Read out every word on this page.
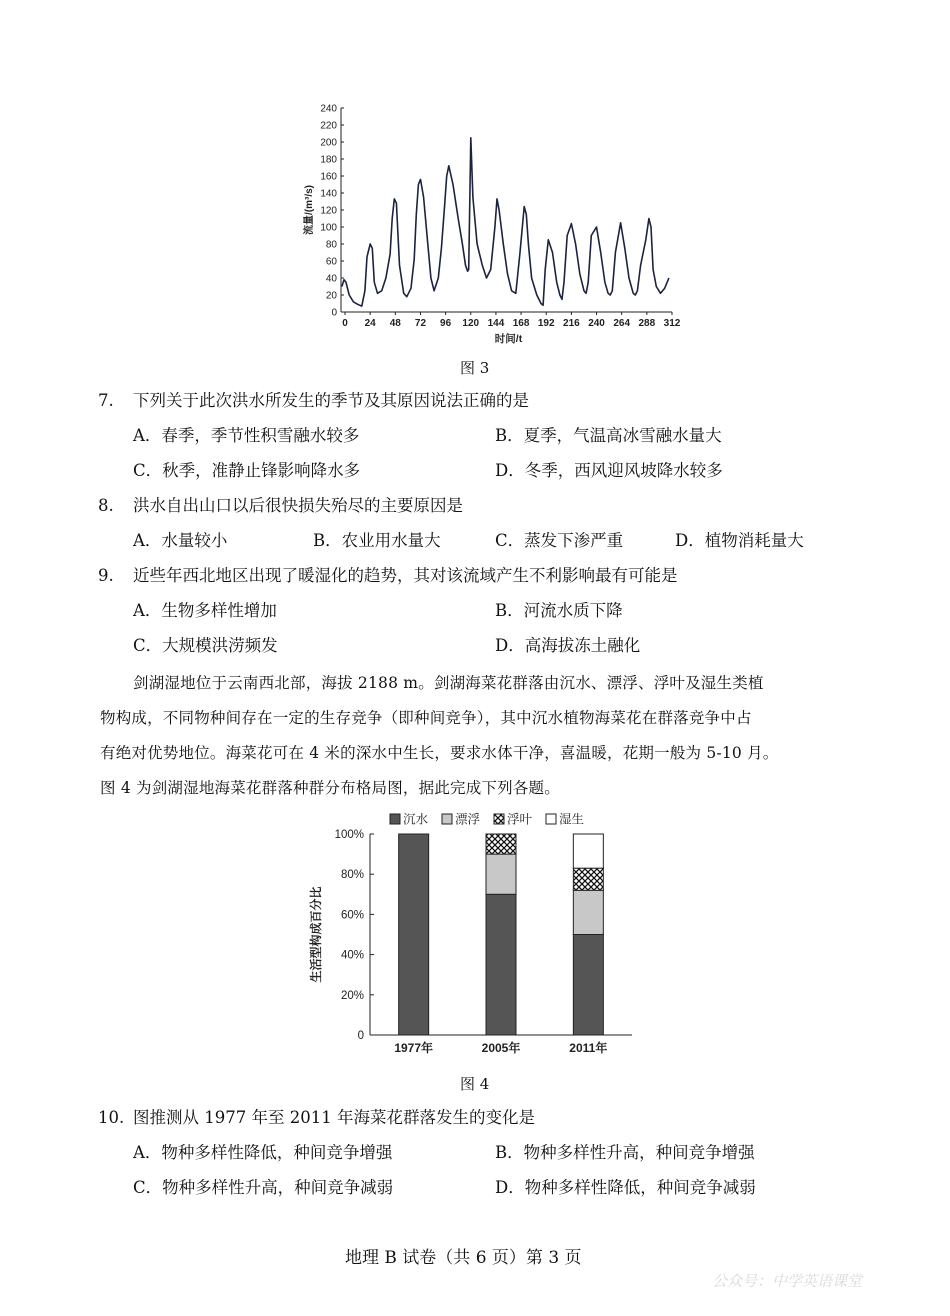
0
20
40
60
80
100
120
140
160
180
200
220
240
0 24 48 72 96 120 144 168 192 216 240 264 288 312
时间/t
流量/(m³/s)
图 3
7. 下列关于此次洪水所发生的季节及其原因说法正确的是
A．春季，季节性积雪融水较多	B．夏季，气温高冰雪融水量大
C．秋季，准静止锋影响降水多	D．冬季，西风迎风坡降水较多
8. 洪水自出山口以后很快损失殆尽的主要原因是
A．水量较小	B．农业用水量大	C．蒸发下渗严重	D．植物消耗量大
9. 近些年西北地区出现了暖湿化的趋势，其对该流域产生不利影响最有可能是
A．生物多样性增加	B．河流水质下降
C．大规模洪涝频发	D．高海拔冻土融化

剑湖湿地位于云南西北部，海拔 2188 m。剑湖海菜花群落由沉水、漂浮、浮叶及湿生类植

物构成，不同物种间存在一定的生存竞争（即种间竞争），其中沉水植物海菜花在群落竞争中占

有绝对优势地位。海菜花可在 4 米的深水中生长，要求水体干净，喜温暖，花期一般为 5-10 月。

图 4 为剑湖湿地海菜花群落种群分布格局图，据此完成下列各题。

0
20%
40%
60%
80%
100%
生活型构成百分比
1977年	2005年	2011年
沉水 漂浮 浮叶 湿生
图 4
10. 图推测从 1977 年至 2011 年海菜花群落发生的变化是
A．物种多样性降低，种间竞争增强	B．物种多样性升高，种间竞争增强
C．物种多样性升高，种间竞争减弱	D．物种多样性降低，种间竞争减弱
地理 B 试卷（共 6 页）第 3 页
公众号：中学英语课堂
